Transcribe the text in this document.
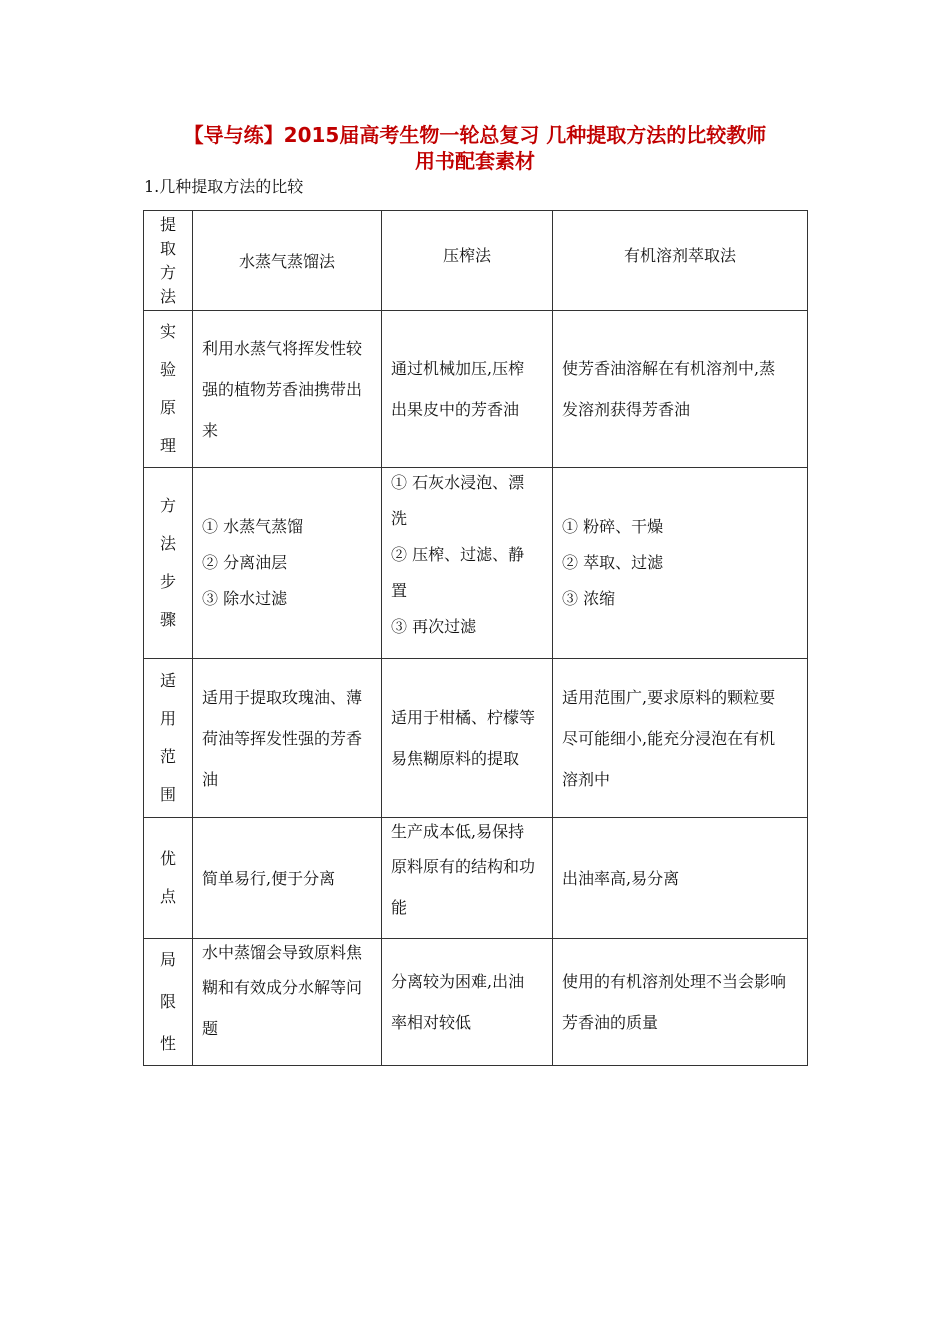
【导与练】2015届高考生物一轮总复习 几种提取方法的比较教师
用书配套素材
1.几种提取方法的比较
提
取
方
法	水蒸气蒸馏法	压榨法	有机溶剂萃取法

实
验
原
理	利用水蒸气将挥发性较
强的植物芳香油携带出
来	通过机械加压,压榨
出果皮中的芳香油	使芳香油溶解在有机溶剂中,蒸
发溶剂获得芳香油

方
法
步
骤	① 水蒸气蒸馏
② 分离油层
③ 除水过滤	① 石灰水浸泡、漂
洗
② 压榨、过滤、静
置
③ 再次过滤	① 粉碎、干燥
② 萃取、过滤
③ 浓缩

适
用
范
围	适用于提取玫瑰油、薄
荷油等挥发性强的芳香
油	适用于柑橘、柠檬等
易焦糊原料的提取	适用范围广,要求原料的颗粒要
尽可能细小,能充分浸泡在有机
溶剂中

优
点	简单易行,便于分离	生产成本低,易保持
原料原有的结构和功
能	出油率高,易分离

局
限
性	水中蒸馏会导致原料焦
糊和有效成分水解等问
题	分离较为困难,出油
率相对较低	使用的有机溶剂处理不当会影响
芳香油的质量
